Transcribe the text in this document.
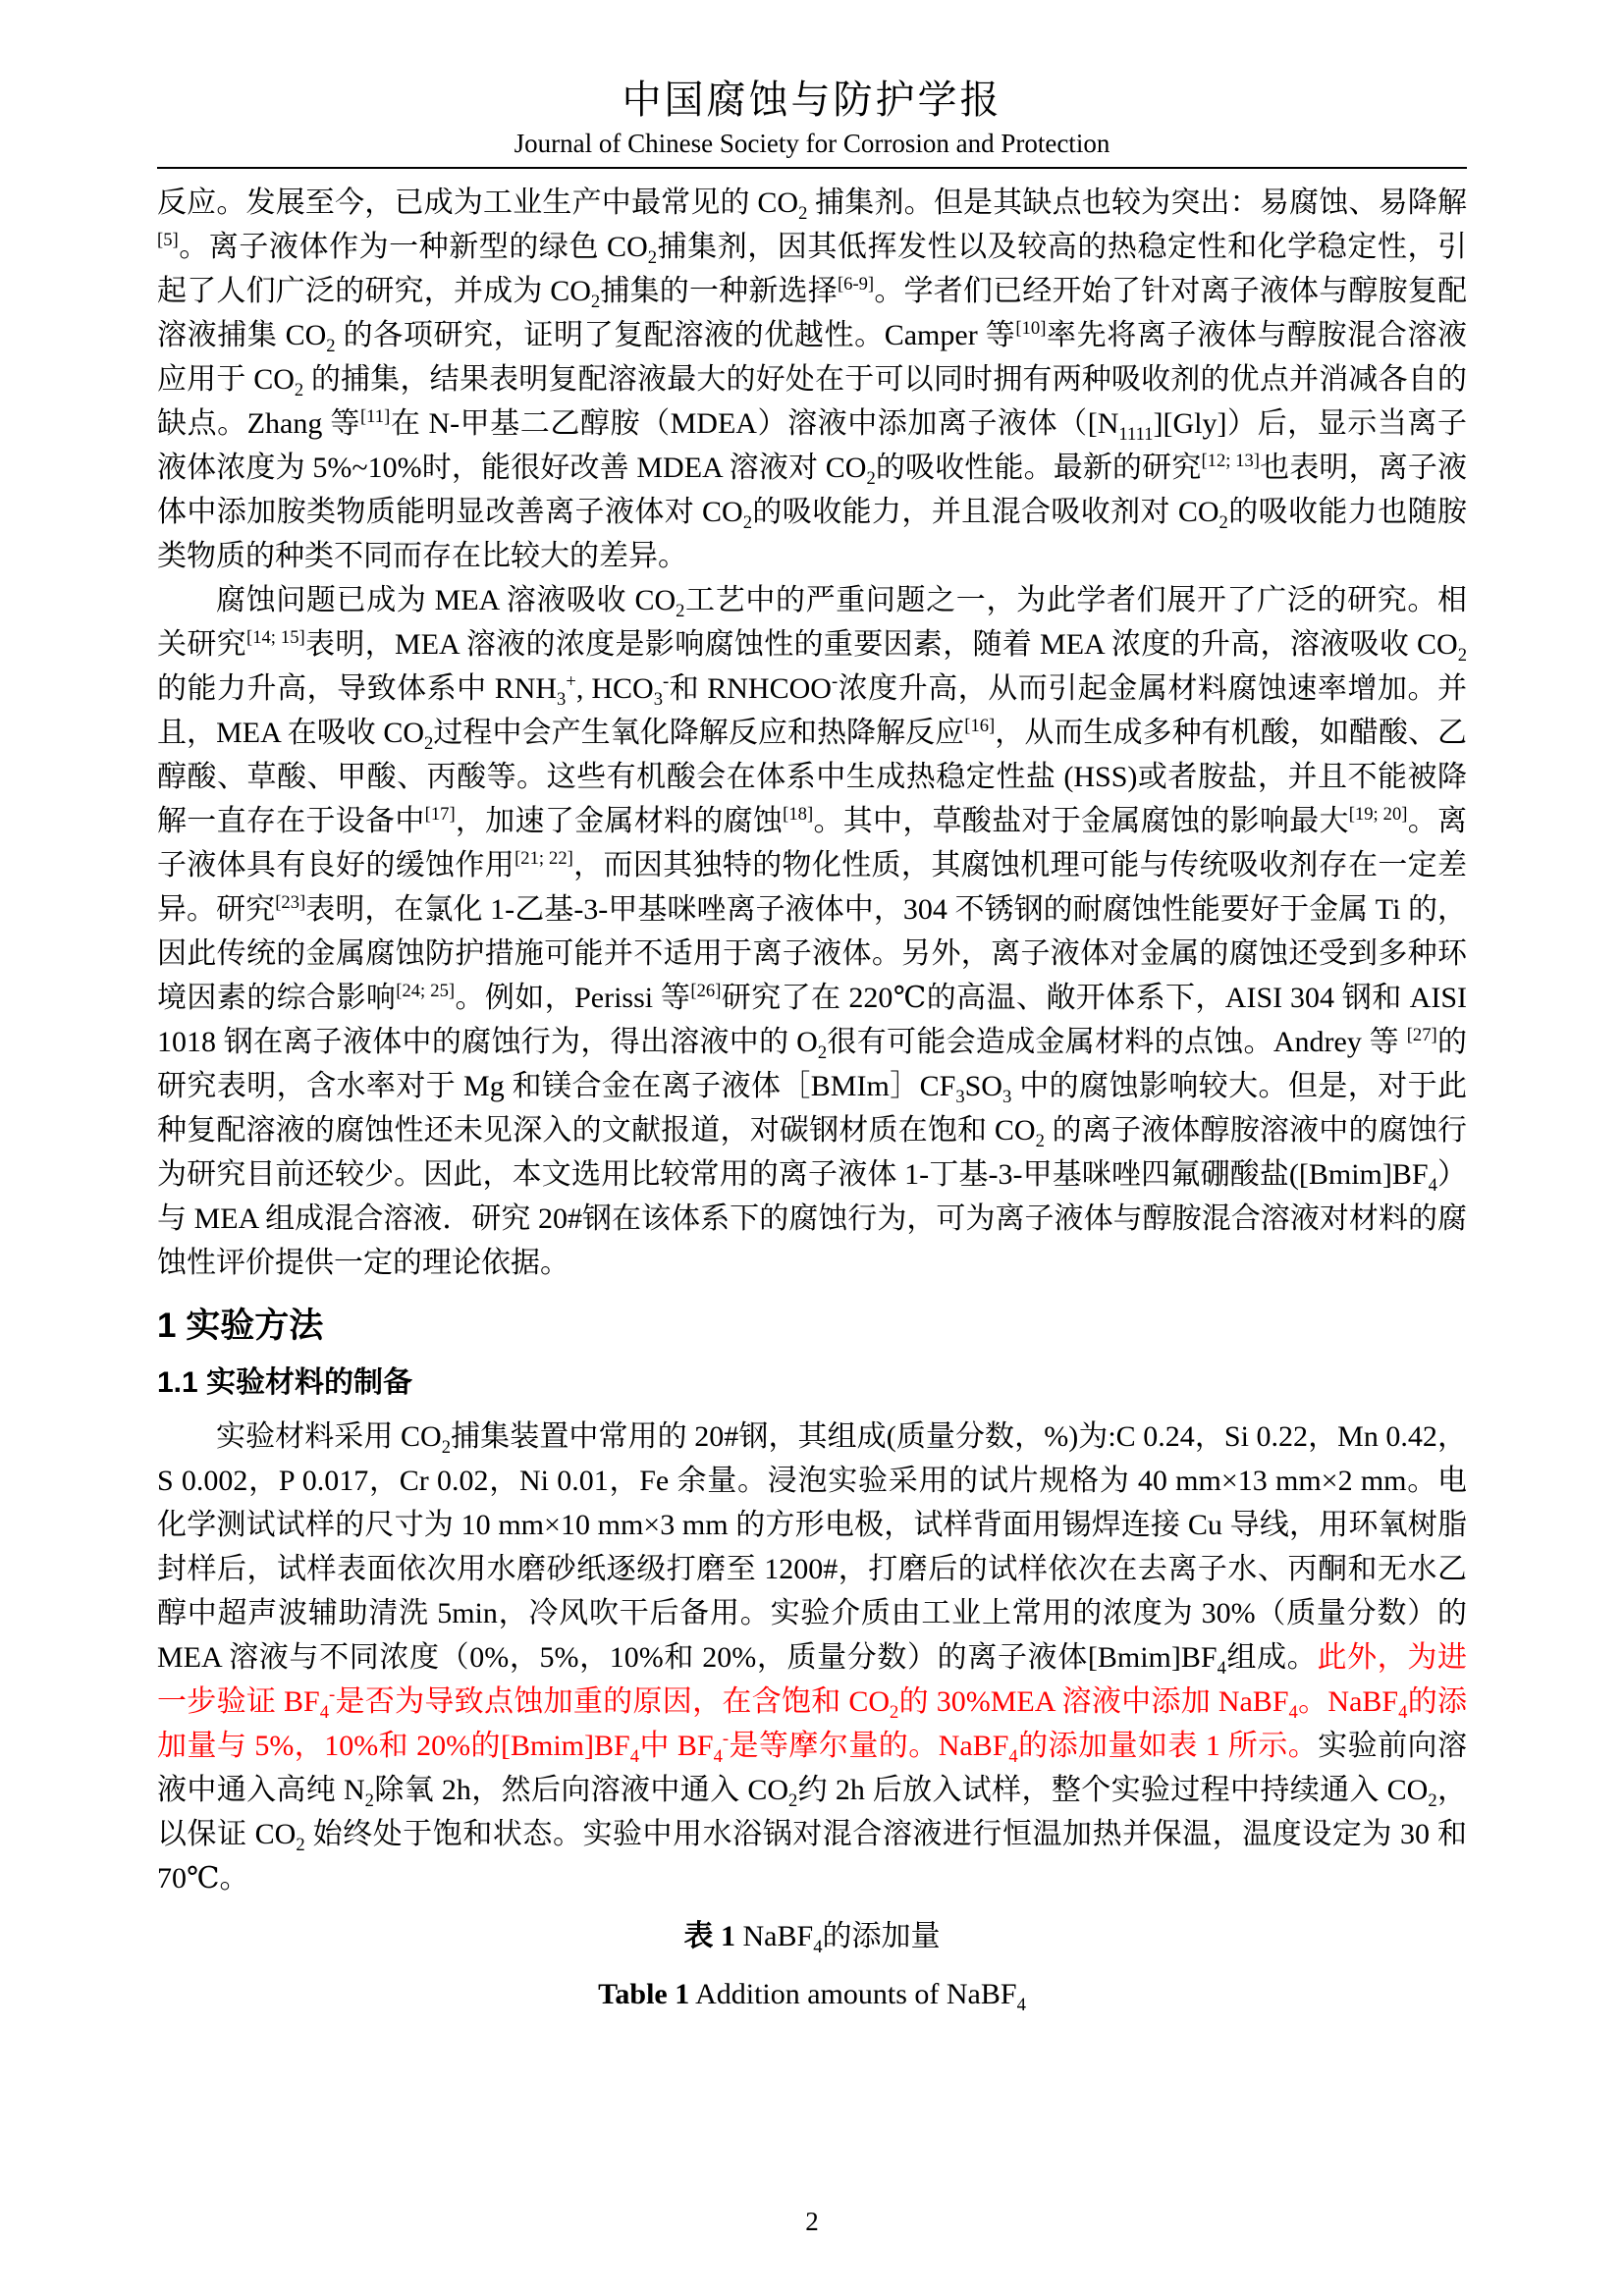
中国腐蚀与防护学报
Journal of Chinese Society for Corrosion and Protection
反应。发展至今，已成为工业生产中最常见的 $CO_2$ 捕集剂。但是其缺点也较为突出：易腐蚀、易降解[5]。离子液体作为一种新型的绿色 $CO_2$捕集剂，因其低挥发性以及较高的热稳定性和化学稳定性，引起了人们广泛的研究，并成为 $CO_2$捕集的一种新选择[6-9]。学者们已经开始了针对离子液体与醇胺复配溶液捕集 $CO_2$ 的各项研究，证明了复配溶液的优越性。Camper 等[10]率先将离子液体与醇胺混合溶液应用于 $CO_2$ 的捕集，结果表明复配溶液最大的好处在于可以同时拥有两种吸收剂的优点并消减各自的缺点。Zhang 等[11]在 N-甲基二乙醇胺（MDEA）溶液中添加离子液体$([N_{1111}][Gly])$后，显示当离子液体浓度为 5%~10%时，能很好改善 MDEA 溶液对 $CO_2$的吸收性能。最新的研究[12; 13]也表明，离子液体中添加胺类物质能明显改善离子液体对 $CO_2$的吸收能力，并且混合吸收剂对 $CO_2$的吸收能力也随胺类物质的种类不同而存在比较大的差异。
腐蚀问题已成为 MEA 溶液吸收 $CO_2$工艺中的严重问题之一，为此学者们展开了广泛的研究。相关研究[14; 15]表明，MEA 溶液的浓度是影响腐蚀性的重要因素，随着 MEA 浓度的升高，溶液吸收 $CO_2$的能力升高，导致体系中 $RNH_3^+$, $HCO_3^-$和 RNHCOO-浓度升高，从而引起金属材料腐蚀速率增加。并且，MEA 在吸收 $CO_2$过程中会产生氧化降解反应和热降解反应[16]，从而生成多种有机酸，如醋酸、乙醇酸、草酸、甲酸、丙酸等。这些有机酸会在体系中生成热稳定性盐 (HSS)或者胺盐，并且不能被降解一直存在于设备中[17]，加速了金属材料的腐蚀[18]。其中，草酸盐对于金属腐蚀的影响最大[19; 20]。离子液体具有良好的缓蚀作用[21; 22]，而因其独特的物化性质，其腐蚀机理可能与传统吸收剂存在一定差异。研究[23]表明，在氯化 1-乙基-3-甲基咪唑离子液体中，304 不锈钢的耐腐蚀性能要好于金属 Ti 的，因此传统的金属腐蚀防护措施可能并不适用于离子液体。另外，离子液体对金属的腐蚀还受到多种环境因素的综合影响[24; 25]。例如，Perissi 等[26]研究了在 220℃的高温、敞开体系下，AISI 304 钢和 AISI 1018 钢在离子液体中的腐蚀行为，得出溶液中的 $O_2$很有可能会造成金属材料的点蚀。Andrey 等 [27]的研究表明，含水率对于 Mg 和镁合金在离子液体$[BMIm]CF_3SO_3$ 中的腐蚀影响较大。但是，对于此种复配溶液的腐蚀性还未见深入的文献报道，对碳钢材质在饱和 $CO_2$ 的离子液体醇胺溶液中的腐蚀行为研究目前还较少。因此，本文选用比较常用的离子液体 1-丁基-3-甲基咪唑四氟硼酸盐$([Bmim]BF_4)$与 MEA 组成混合溶液．研究 20#钢在该体系下的腐蚀行为，可为离子液体与醇胺混合溶液对材料的腐蚀性评价提供一定的理论依据。
1 实验方法
1.1 实验材料的制备
实验材料采用 $CO_2$捕集装置中常用的 20#钢，其组成(质量分数，%)为:C 0.24，Si 0.22，Mn 0.42，S 0.002，P 0.017，Cr 0.02，Ni 0.01，Fe 余量。浸泡实验采用的试片规格为 40 mm×13 mm×2 mm。电化学测试试样的尺寸为 10 mm×10 mm×3 mm 的方形电极，试样背面用锡焊连接 Cu 导线，用环氧树脂封样后，试样表面依次用水磨砂纸逐级打磨至 1200#，打磨后的试样依次在去离子水、丙酮和无水乙醇中超声波辅助清洗 5min，冷风吹干后备用。实验介质由工业上常用的浓度为 30%（质量分数）的 MEA 溶液与不同浓度（0%，5%，10%和 20%，质量分数）的离子液体$[Bmim]BF_4$组成。此外，为进一步验证 $BF_4^-$是否为导致点蚀加重的原因，在含饱和 $CO_2$的 30%MEA 溶液中添加 NaBF$_4$。NaBF$_4$的添加量与 5%，10%和 20%的$[Bmim]BF_4$中 $BF_4^-$是等摩尔量的。NaBF$_4$的添加量如表 1 所示。实验前向溶液中通入高纯 $N_2$除氧 2h，然后向溶液中通入 $CO_2$约 2h 后放入试样，整个实验过程中持续通入 $CO_2$，以保证 $CO_2$ 始终处于饱和状态。实验中用水浴锅对混合溶液进行恒温加热并保温，温度设定为 30 和 70℃。
表 1 NaBF$_4$的添加量
Table 1 Addition amounts of NaBF$_4$
2
